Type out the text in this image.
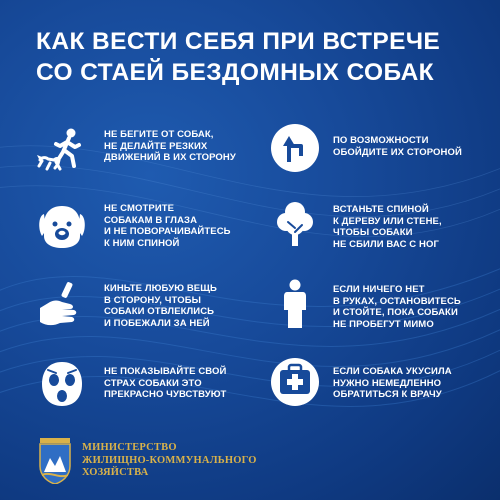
КАК ВЕСТИ СЕБЯ ПРИ ВСТРЕЧЕ
СО СТАЕЙ БЕЗДОМНЫХ СОБАК
НЕ БЕГИТЕ ОТ СОБАК,
НЕ ДЕЛАЙТЕ РЕЗКИХ
ДВИЖЕНИЙ В ИХ СТОРОНУ
ПО ВОЗМОЖНОСТИ
ОБОЙДИТЕ ИХ СТОРОНОЙ
НЕ СМОТРИТЕ
СОБАКАМ В ГЛАЗА
И НЕ ПОВОРАЧИВАЙТЕСЬ
К НИМ СПИНОЙ
ВСТАНЬТЕ СПИНОЙ
К ДЕРЕВУ ИЛИ СТЕНЕ,
ЧТОБЫ СОБАКИ
НЕ СБИЛИ ВАС С НОГ
КИНЬТЕ ЛЮБУЮ ВЕЩЬ
В СТОРОНУ, ЧТОБЫ
СОБАКИ ОТВЛЕКЛИСЬ
И ПОБЕЖАЛИ ЗА НЕЙ
ЕСЛИ НИЧЕГО НЕТ
В РУКАХ, ОСТАНОВИТЕСЬ
И СТОЙТЕ, ПОКА СОБАКИ
НЕ ПРОБЕГУТ МИМО
НЕ ПОКАЗЫВАЙТЕ СВОЙ
СТРАХ СОБАКИ ЭТО
ПРЕКРАСНО ЧУВСТВУЮТ
ЕСЛИ СОБАКА УКУСИЛА
НУЖНО НЕМЕДЛЕННО
ОБРАТИТЬСЯ К ВРАЧУ
МИНИСТЕРСТВО
ЖИЛИЩНО-КОММУНАЛЬНОГО
ХОЗЯЙСТВА
